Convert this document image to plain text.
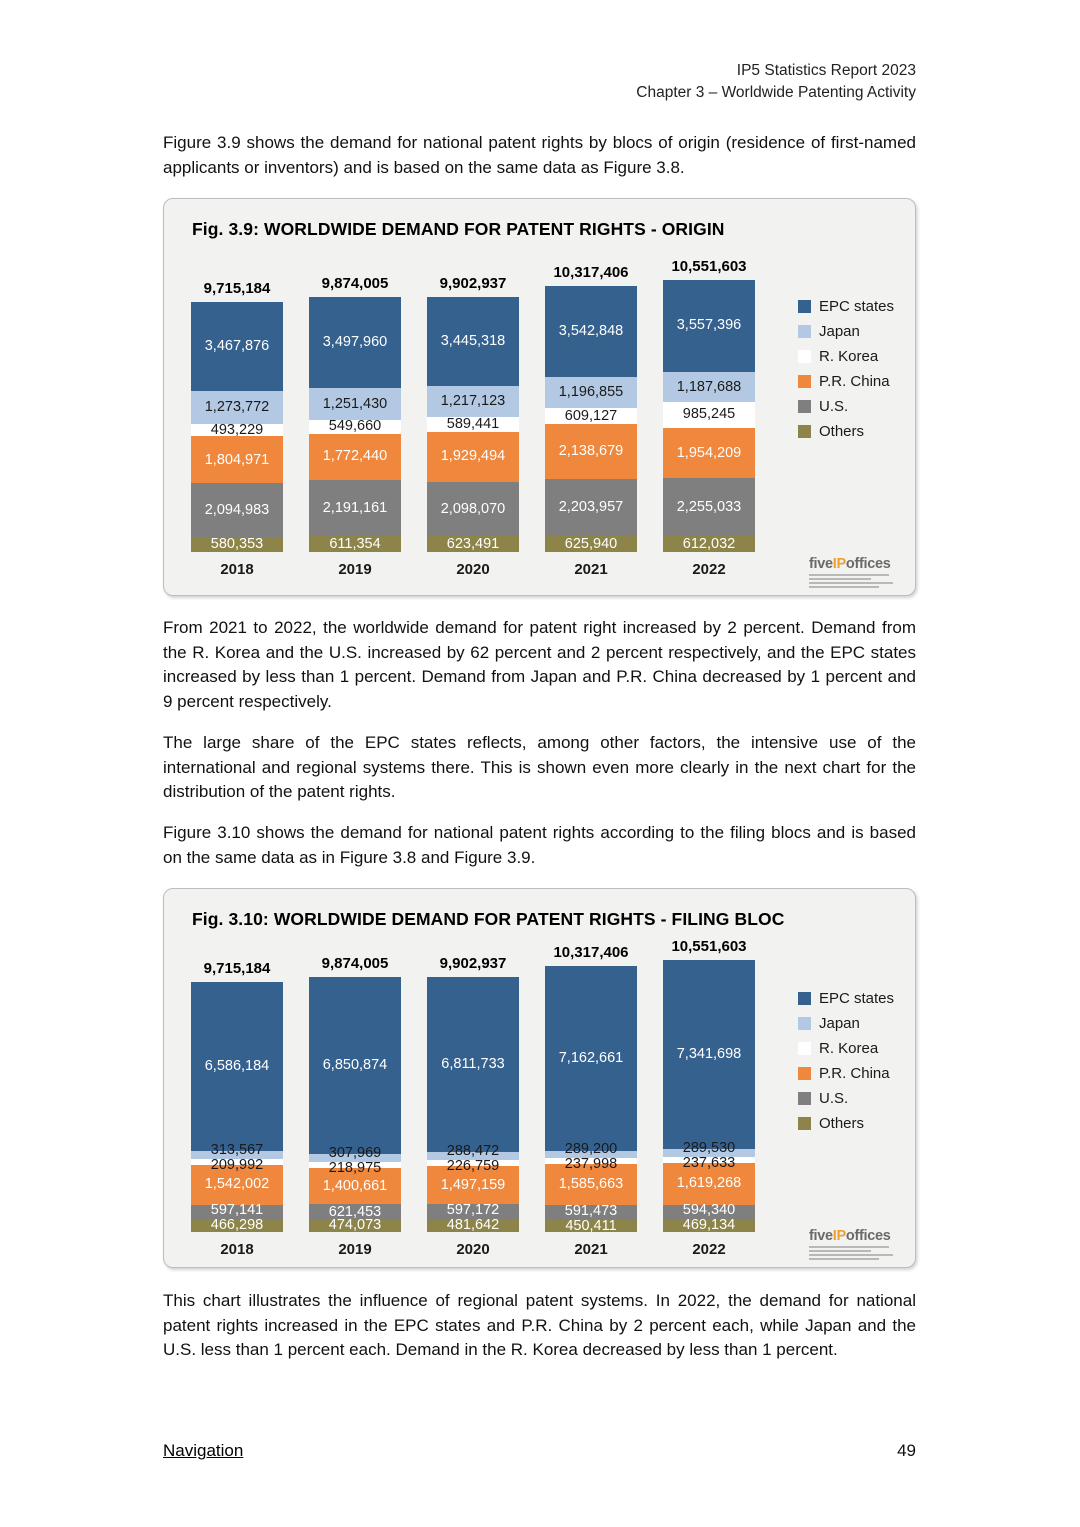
IP5 Statistics Report 2023
Chapter 3 – Worldwide Patenting Activity

Figure 3.9 shows the demand for national patent rights by blocs of origin (residence of first-named applicants or inventors) and is based on the same data as Figure 3.8.

Fig. 3.9: WORLDWIDE DEMAND FOR PATENT RIGHTS - ORIGIN
9,715,184
3,467,876
1,273,772
493,229
1,804,971
2,094,983
580,353
2018
9,874,005
3,497,960
1,251,430
549,660
1,772,440
2,191,161
611,354
2019
9,902,937
3,445,318
1,217,123
589,441
1,929,494
2,098,070
623,491
2020
10,317,406
3,542,848
1,196,855
609,127
2,138,679
2,203,957
625,940
2021
10,551,603
3,557,396
1,187,688
985,245
1,954,209
2,255,033
612,032
2022
EPC states
Japan
R. Korea
P.R. China
U.S.
Others
fiveIPoffices

From 2021 to 2022, the worldwide demand for patent right increased by 2 percent. Demand from the R. Korea and the U.S. increased by 62 percent and 2 percent respectively, and the EPC states increased by less than 1 percent. Demand from Japan and P.R. China decreased by 1 percent and 9 percent respectively.

The large share of the EPC states reflects, among other factors, the intensive use of the international and regional systems there. This is shown even more clearly in the next chart for the distribution of the patent rights.

Figure 3.10 shows the demand for national patent rights according to the filing blocs and is based on the same data as in Figure 3.8 and Figure 3.9.

Fig. 3.10: WORLDWIDE DEMAND FOR PATENT RIGHTS - FILING BLOC
9,715,184
6,586,184
313,567
209,992
1,542,002
597,141
466,298
2018
9,874,005
6,850,874
307,969
218,975
1,400,661
621,453
474,073
2019
9,902,937
6,811,733
288,472
226,759
1,497,159
597,172
481,642
2020
10,317,406
7,162,661
289,200
237,998
1,585,663
591,473
450,411
2021
10,551,603
7,341,698
289,530
237,633
1,619,268
594,340
469,134
2022
EPC states
Japan
R. Korea
P.R. China
U.S.
Others
fiveIPoffices

This chart illustrates the influence of regional patent systems. In 2022, the demand for national patent rights increased in the EPC states and P.R. China by 2 percent each, while Japan and the U.S. less than 1 percent each. Demand in the R. Korea decreased by less than 1 percent.

Navigation	49
